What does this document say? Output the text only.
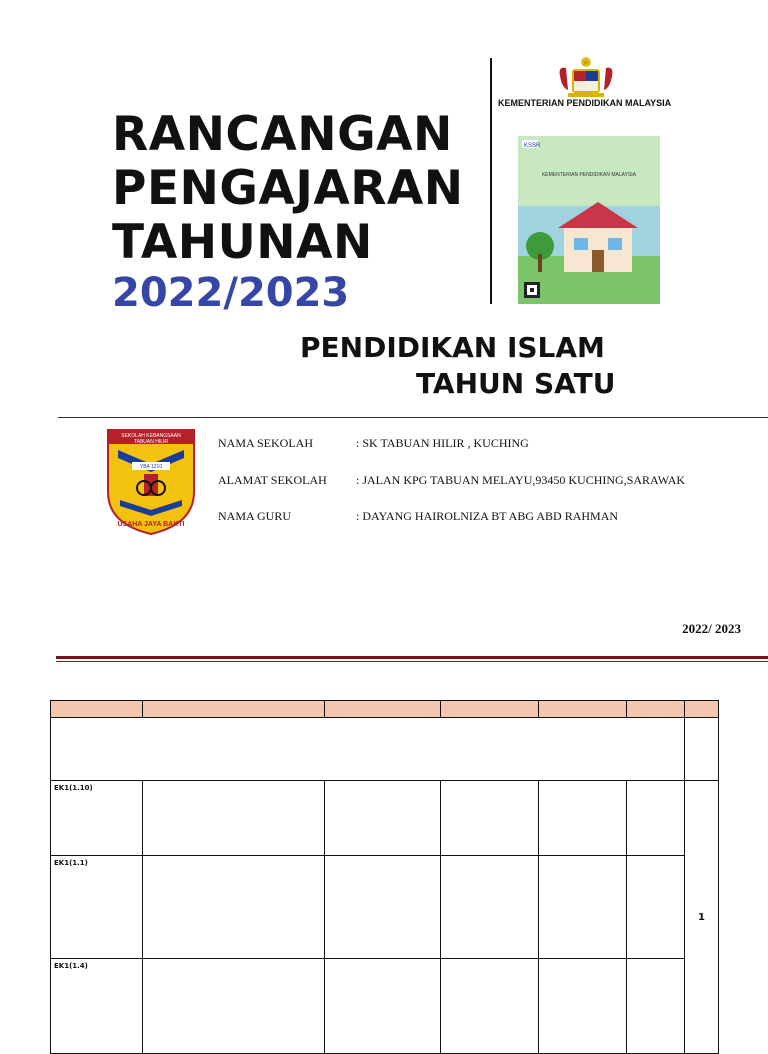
RANCANGAN
PENGAJARAN
TAHUNAN
2022/2023
KEMENTERIAN PENDIDIKAN MALAYSIA
KSSR
KEMENTERIAN PENDIDIKAN MALAYSIA
PENDIDIKAN ISLAM
TAHUN SATU
SEKOLAH KEBANGSAAN
TABUAN HILIR
YBA 1210
USAHA JAYA BAKTI
NAMA SEKOLAH	: SK TABUAN HILIR , KUCHING
ALAMAT SEKOLAH : JALAN KPG TABUAN MELAYU,93450 KUCHING,SARAWAK
NAMA GURU	: DAYANG HAIROLNIZA BT ABG ABD RAHMAN
2022/ 2023

EK1(1.10)						1

EK1(1.1)						

EK1(1.4)						
